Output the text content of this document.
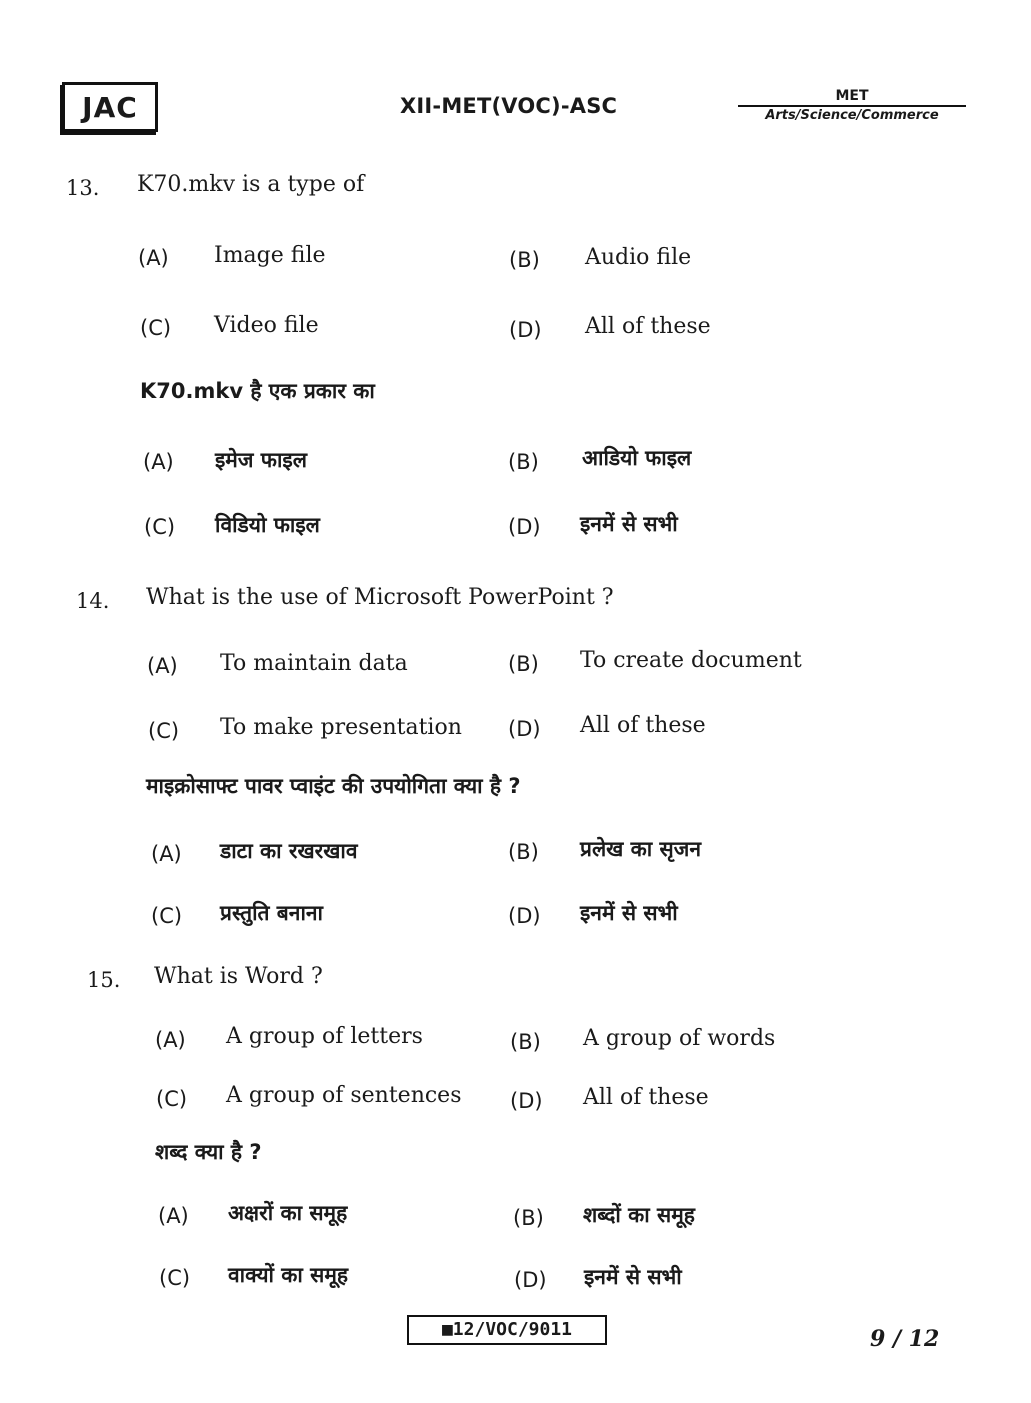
JAC	XII-MET(VOC)-ASC	MET
Arts/Science/Commerce
13. K70.mkv is a type of
(A) Image file	(B) Audio file
(C) Video file	(D) All of these
K70.mkv है एक प्रकार का
(A) इमेज फाइल	(B) आडियो फाइल
(C) विडियो फाइल	(D) इनमें से सभी
14. What is the use of Microsoft PowerPoint ?
(A) To maintain data	(B) To create document
(C) To make presentation (D) All of these
माइक्रोसाफ्ट पावर प्वाइंट की उपयोगिता क्या है ?
(A) डाटा का रखरखाव	(B) प्रलेख का सृजन
(C) प्रस्तुति बनाना	(D) इनमें से सभी
15. What is Word ?
(A) A group of letters	(B) A group of words
(C) A group of sentences (D) All of these
शब्द क्या है ?
(A) अक्षरों का समूह	(B) शब्दों का समूह
(C) वाक्यों का समूह	(D) इनमें से सभी
■12/VOC/9011	9 / 12
